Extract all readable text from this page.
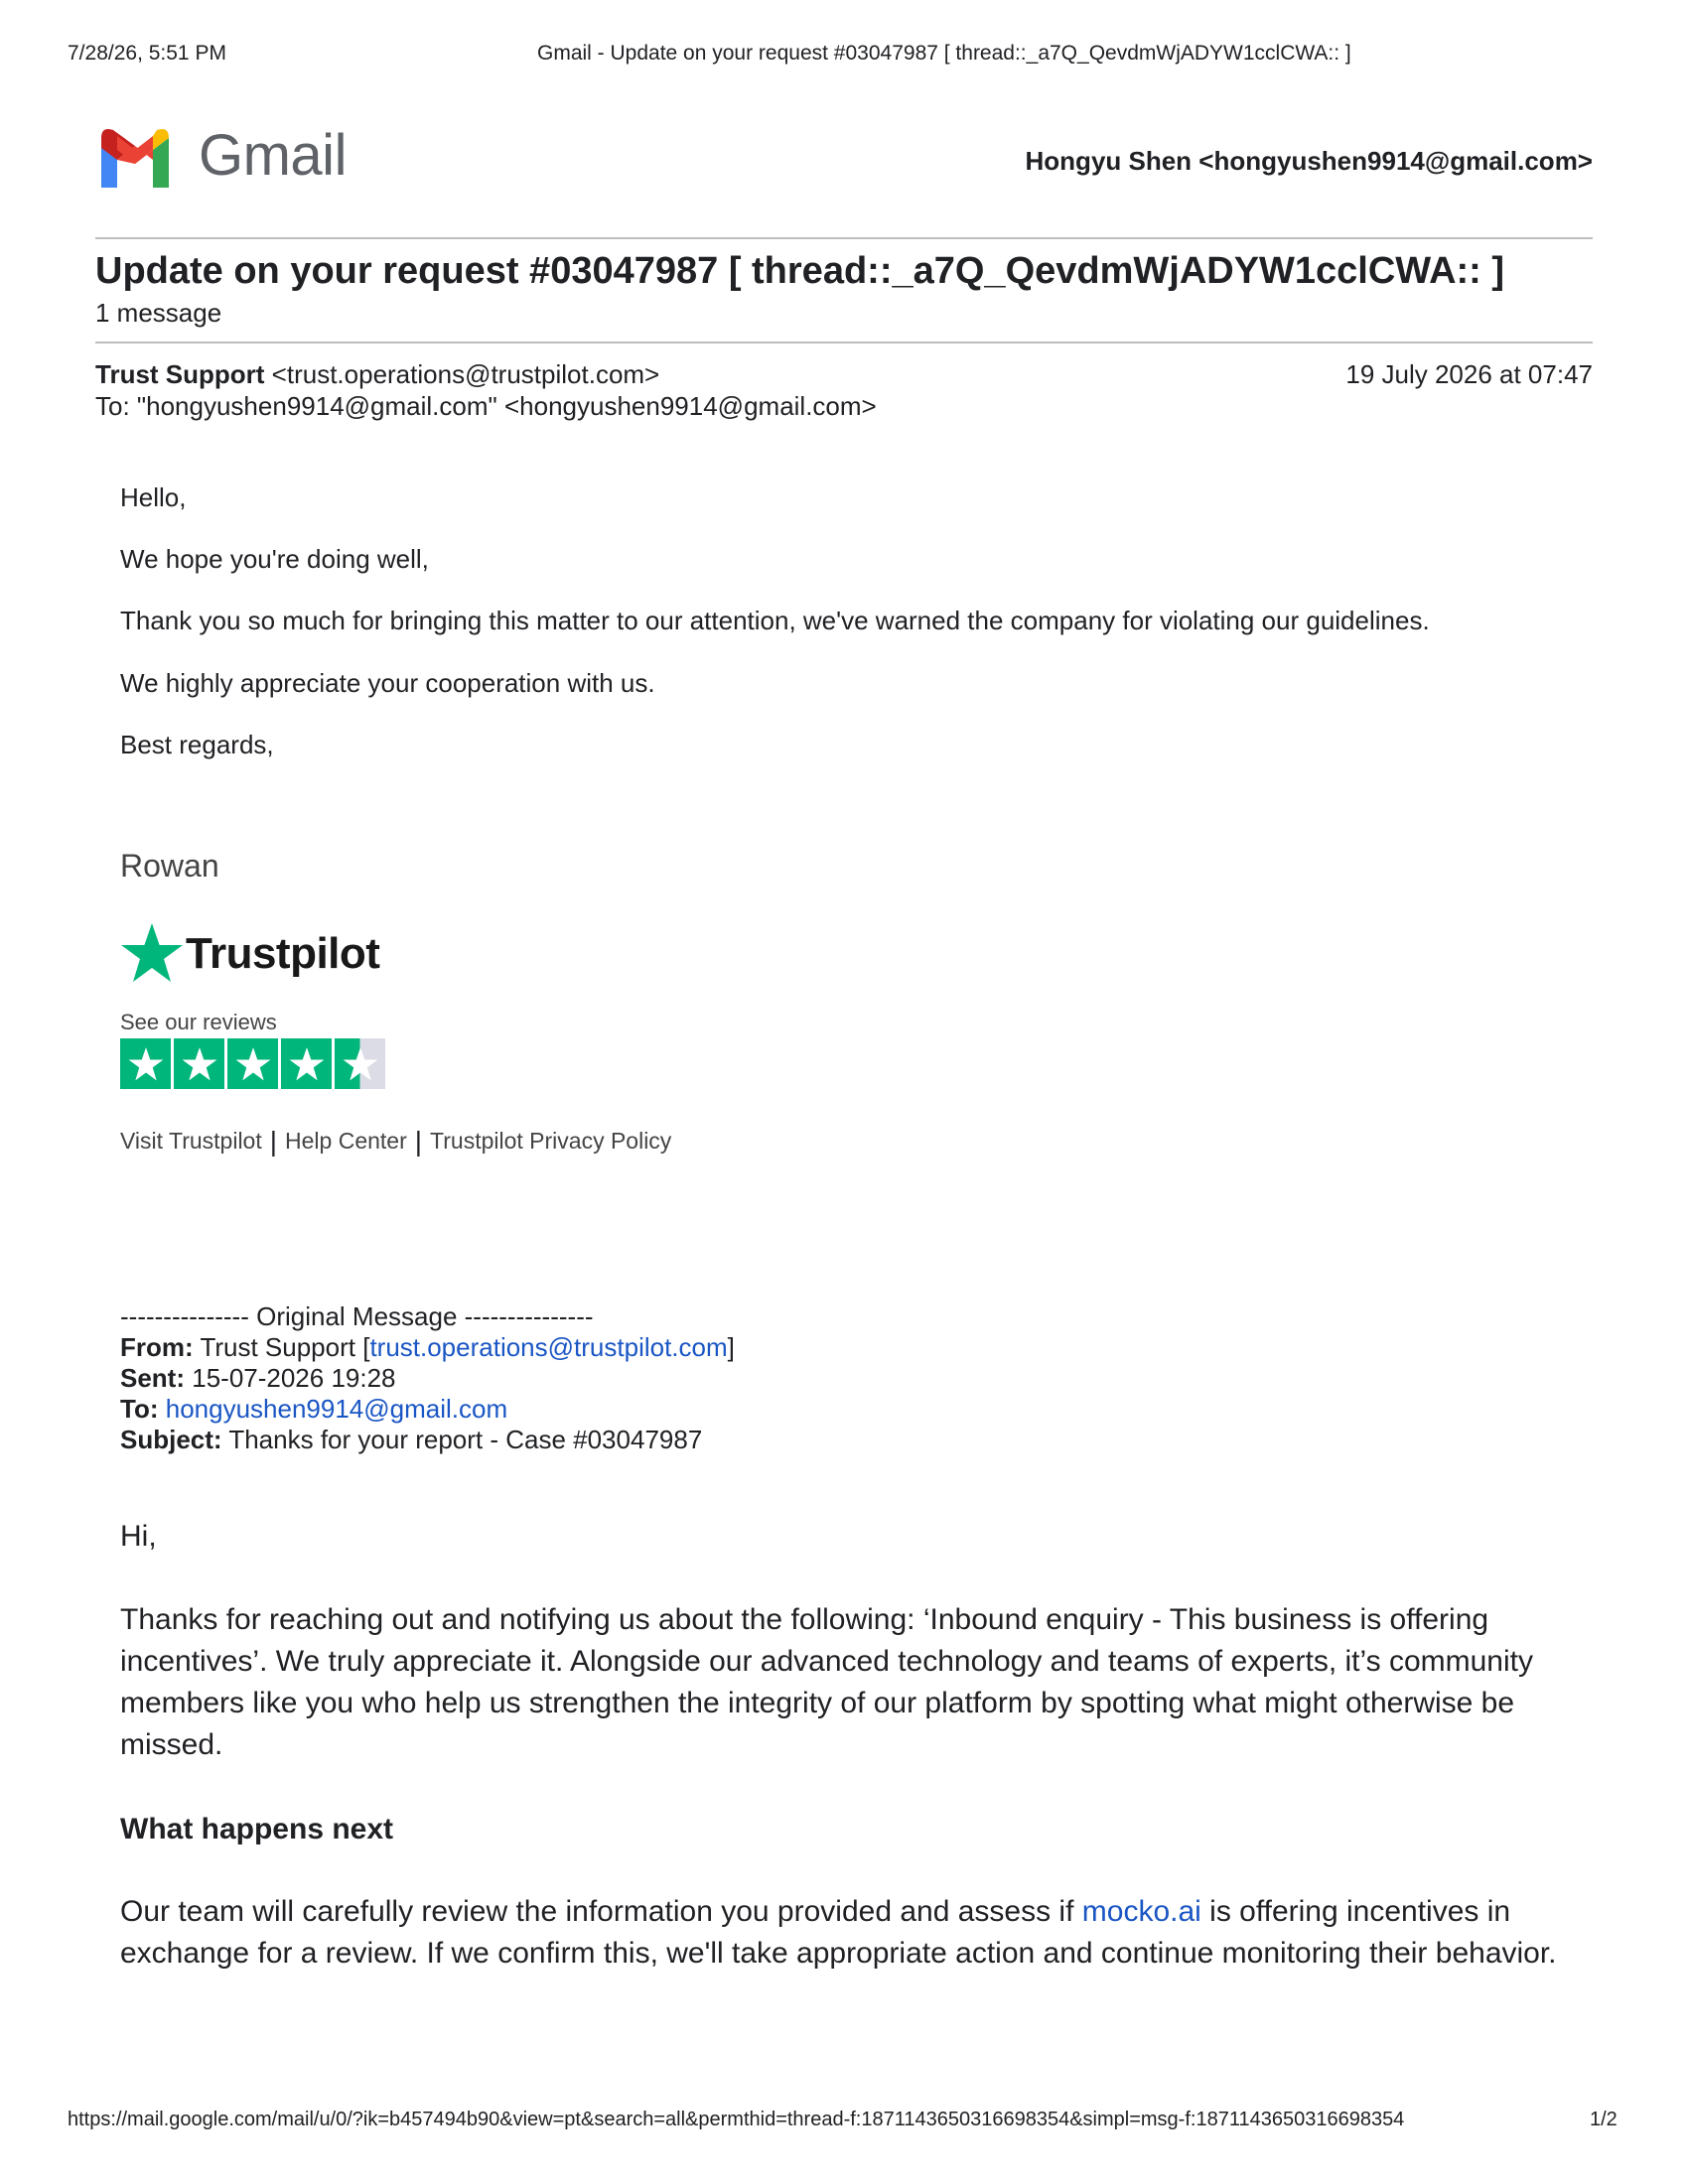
7/28/26, 5:51 PM	Gmail - Update on your request #03047987 [ thread::_a7Q_QevdmWjADYW1cclCWA:: ]
Gmail	Hongyu Shen <hongyushen9914@gmail.com>
Update on your request #03047987 [ thread::_a7Q_QevdmWjADYW1cclCWA:: ]
1 message
Trust Support <trust.operations@trustpilot.com>	19 July 2026 at 07:47
To: "hongyushen9914@gmail.com" <hongyushen9914@gmail.com>
Hello,
We hope you're doing well,
Thank you so much for bringing this matter to our attention, we've warned the company for violating our guidelines.
We highly appreciate your cooperation with us.
Best regards,
Rowan
Trustpilot
See our reviews
Visit Trustpilot | Help Center | Trustpilot Privacy Policy
--------------- Original Message ---------------
From: Trust Support [trust.operations@trustpilot.com]
Sent: 15-07-2026 19:28
To: hongyushen9914@gmail.com
Subject: Thanks for your report - Case #03047987
Hi,
Thanks for reaching out and notifying us about the following: ‘Inbound enquiry - This business is offering incentives’. We truly appreciate it. Alongside our advanced technology and teams of experts, it’s community members like you who help us strengthen the integrity of our platform by spotting what might otherwise be missed.
What happens next
Our team will carefully review the information you provided and assess if mocko.ai is offering incentives in exchange for a review. If we confirm this, we'll take appropriate action and continue monitoring their behavior.
https://mail.google.com/mail/u/0/?ik=b457494b90&view=pt&search=all&permthid=thread-f:1871143650316698354&simpl=msg-f:1871143650316698354	1/2
